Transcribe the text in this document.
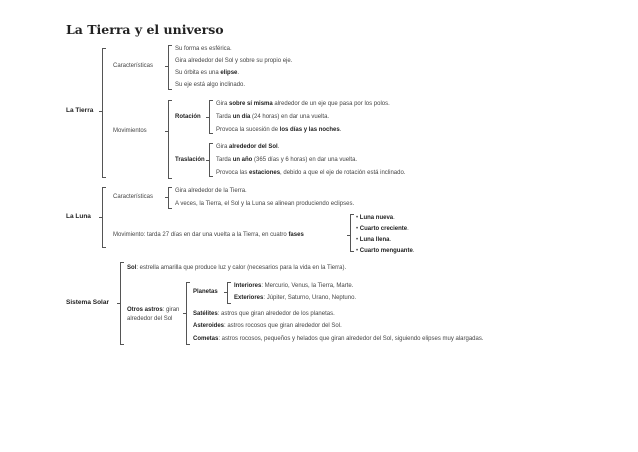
La Tierra y el universo
La Tierra
Características
Su forma es esférica.
Gira alrededor del Sol y sobre su propio eje.
Su órbita es una elipse.
Su eje está algo inclinado.
Movimientos
Rotación
Gira sobre sí misma alrededor de un eje que pasa por los polos.
Tarda un día (24 horas) en dar una vuelta.
Provoca la sucesión de los días y las noches.
Traslación
Gira alrededor del Sol.
Tarda un año (365 días y 6 horas) en dar una vuelta.
Provoca las estaciones, debido a que el eje de rotación está inclinado.
La Luna
Características
Gira alrededor de la Tierra.
A veces, la Tierra, el Sol y la Luna se alinean produciendo eclipses.
Movimiento: tarda 27 días en dar una vuelta a la Tierra, en cuatro fases
• Luna nueva.
• Cuarto creciente.
• Luna llena.
• Cuarto menguante.
Sistema Solar
Sol: estrella amarilla que produce luz y calor (necesarios para la vida en la Tierra).
Otros astros: giran
alrededor del Sol
Planetas
Interiores: Mercurio, Venus, la Tierra, Marte.
Exteriores: Júpiter, Saturno, Urano, Neptuno.
Satélites: astros que giran alrededor de los planetas.
Asteroides: astros rocosos que giran alrededor del Sol.
Cometas: astros rocosos, pequeños y helados que giran alrededor del Sol, siguiendo elipses muy alargadas.
